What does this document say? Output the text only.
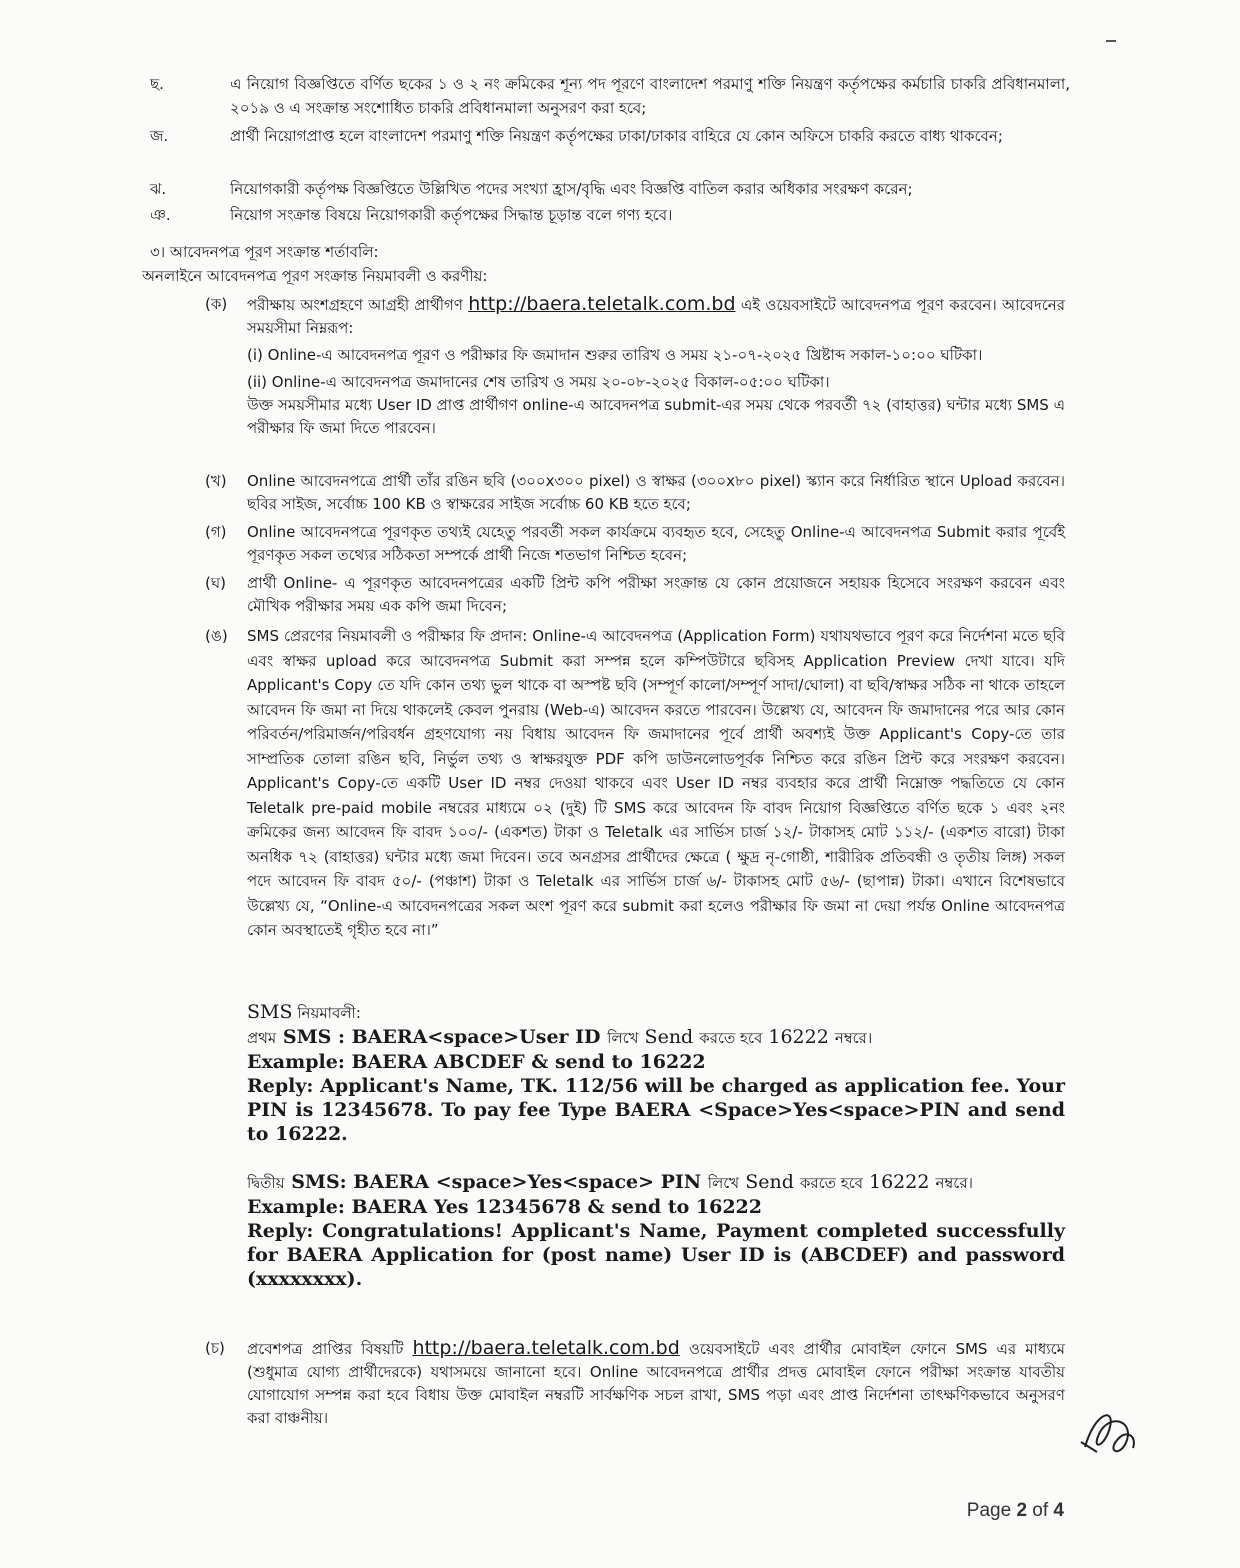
ছ.	এ নিয়োগ বিজ্ঞপ্তিতে বর্ণিত ছকের ১ ও ২ নং ক্রমিকের শূন্য পদ পূরণে বাংলাদেশ পরমাণু শক্তি নিয়ন্ত্রণ কর্তৃপক্ষের কর্মচারি চাকরি প্রবিধানমালা, ২০১৯ ও এ সংক্রান্ত সংশোধিত চাকরি প্রবিধানমালা অনুসরণ করা হবে;
জ.	প্রার্থী নিয়োগপ্রাপ্ত হলে বাংলাদেশ পরমাণু শক্তি নিয়ন্ত্রণ কর্তৃপক্ষের ঢাকা/ঢাকার বাহিরে যে কোন অফিসে চাকরি করতে বাধ্য থাকবেন;
ঝ.	নিয়োগকারী কর্তৃপক্ষ বিজ্ঞপ্তিতে উল্লিখিত পদের সংখ্যা হ্রাস/বৃদ্ধি এবং বিজ্ঞপ্তি বাতিল করার অধিকার সংরক্ষণ করেন;
ঞ.	নিয়োগ সংক্রান্ত বিষয়ে নিয়োগকারী কর্তৃপক্ষের সিদ্ধান্ত চূড়ান্ত বলে গণ্য হবে।
৩। আবেদনপত্র পূরণ সংক্রান্ত শর্তাবলি:
অনলাইনে আবেদনপত্র পূরণ সংক্রান্ত নিয়মাবলী ও করণীয়:
(ক)	পরীক্ষায় অংশগ্রহণে আগ্রহী প্রার্থীগণ http://baera.teletalk.com.bd এই ওয়েবসাইটে আবেদনপত্র পূরণ করবেন। আবেদনের সময়সীমা নিম্নরূপ:

(i) Online-এ আবেদনপত্র পূরণ ও পরীক্ষার ফি জমাদান শুরুর তারিখ ও সময় ২১-০৭-২০২৫ খ্রিষ্টাব্দ সকাল-১০:০০ ঘটিকা।

(ii) Online-এ আবেদনপত্র জমাদানের শেষ তারিখ ও সময় ২০-০৮-২০২৫ বিকাল-০৫:০০ ঘটিকা।

উক্ত সময়সীমার মধ্যে User ID প্রাপ্ত প্রার্থীগণ online-এ আবেদনপত্র submit-এর সময় থেকে পরবর্তী ৭২ (বাহাত্তর) ঘন্টার মধ্যে SMS এ পরীক্ষার ফি জমা দিতে পারবেন।

(খ)	Online আবেদনপত্রে প্রার্থী তাঁর রঙিন ছবি (৩০০x৩০০ pixel) ও স্বাক্ষর (৩০০x৮০ pixel) স্ক্যান করে নির্ধারিত স্থানে Upload করবেন। ছবির সাইজ, সর্বোচ্চ 100 KB ও স্বাক্ষরের সাইজ সর্বোচ্চ 60 KB হতে হবে;
(গ)	Online আবেদনপত্রে পূরণকৃত তথ্যই যেহেতু পরবর্তী সকল কার্যক্রমে ব্যবহৃত হবে, সেহেতু Online-এ আবেদনপত্র Submit করার পূর্বেই পূরণকৃত সকল তথ্যের সঠিকতা সম্পর্কে প্রার্থী নিজে শতভাগ নিশ্চিত হবেন;
(ঘ)	প্রার্থী Online- এ পূরণকৃত আবেদনপত্রের একটি প্রিন্ট কপি পরীক্ষা সংক্রান্ত যে কোন প্রয়োজনে সহায়ক হিসেবে সংরক্ষণ করবেন এবং মৌখিক পরীক্ষার সময় এক কপি জমা দিবেন;
(ঙ)	SMS প্রেরণের নিয়মাবলী ও পরীক্ষার ফি প্রদান: Online-এ আবেদনপত্র (Application Form) যথাযথভাবে পূরণ করে নির্দেশনা মতে ছবি এবং স্বাক্ষর upload করে আবেদনপত্র Submit করা সম্পন্ন হলে কম্পিউটারে ছবিসহ Application Preview দেখা যাবে। যদি Applicant's Copy তে যদি কোন তথ্য ভুল থাকে বা অস্পষ্ট ছবি (সম্পূর্ণ কালো/সম্পূর্ণ সাদা/ঘোলা) বা ছবি/স্বাক্ষর সঠিক না থাকে তাহলে আবেদন ফি জমা না দিয়ে থাকলেই কেবল পুনরায় (Web-এ) আবেদন করতে পারবেন। উল্লেখ্য যে, আবেদন ফি জমাদানের পরে আর কোন পরিবর্তন/পরিমার্জন/পরিবর্ধন গ্রহণযোগ্য নয় বিধায় আবেদন ফি জমাদানের পূর্বে প্রার্থী অবশ্যই উক্ত Applicant's Copy-তে তার সাম্প্রতিক তোলা রঙিন ছবি, নির্ভুল তথ্য ও স্বাক্ষরযুক্ত PDF কপি ডাউনলোডপূর্বক নিশ্চিত করে রঙিন প্রিন্ট করে সংরক্ষণ করবেন। Applicant's Copy-তে একটি User ID নম্বর দেওয়া থাকবে এবং User ID নম্বর ব্যবহার করে প্রার্থী নিম্নোক্ত পদ্ধতিতে যে কোন Teletalk pre-paid mobile নম্বরের মাধ্যমে ০২ (দুই) টি SMS করে আবেদন ফি বাবদ নিয়োগ বিজ্ঞপ্তিতে বর্ণিত ছকে ১ এবং ২নং ক্রমিকের জন্য আবেদন ফি বাবদ ১০০/- (একশত) টাকা ও Teletalk এর সার্ভিস চার্জ ১২/- টাকাসহ মোট ১১২/- (একশত বারো) টাকা অনধিক ৭২ (বাহাত্তর) ঘন্টার মধ্যে জমা দিবেন। তবে অনগ্রসর প্রার্থীদের ক্ষেত্রে ( ক্ষুদ্র নৃ-গোষ্ঠী, শারীরিক প্রতিবন্ধী ও তৃতীয় লিঙ্গ) সকল পদে আবেদন ফি বাবদ ৫০/- (পঞ্চাশ) টাকা ও Teletalk এর সার্ভিস চার্জ ৬/- টাকাসহ মোট ৫৬/- (ছাপান্ন) টাকা। এখানে বিশেষভাবে উল্লেখ্য যে, “Online-এ আবেদনপত্রের সকল অংশ পূরণ করে submit করা হলেও পরীক্ষার ফি জমা না দেয়া পর্যন্ত Online আবেদনপত্র কোন অবস্থাতেই গৃহীত হবে না।”

SMS নিয়মাবলী:

প্রথম SMS : BAERA<space>User ID লিখে Send করতে হবে 16222 নম্বরে।

Example: BAERA ABCDEF & send to 16222

Reply: Applicant's Name, TK. 112/56 will be charged as application fee. Your PIN is 12345678. To pay fee Type BAERA <Space>Yes<space>PIN and send to 16222.

দ্বিতীয় SMS: BAERA <space>Yes<space> PIN লিখে Send করতে হবে 16222 নম্বরে।

Example: BAERA Yes 12345678 & send to 16222

Reply: Congratulations! Applicant's Name, Payment completed successfully for BAERA Application for (post name) User ID is (ABCDEF) and password (xxxxxxxx).

(চ)	প্রবেশপত্র প্রাপ্তির বিষয়টি http://baera.teletalk.com.bd ওয়েবসাইটে এবং প্রার্থীর মোবাইল ফোনে SMS এর মাধ্যমে (শুধুমাত্র যোগ্য প্রার্থীদেরকে) যথাসময়ে জানানো হবে। Online আবেদনপত্রে প্রার্থীর প্রদত্ত মোবাইল ফোনে পরীক্ষা সংক্রান্ত যাবতীয় যোগাযোগ সম্পন্ন করা হবে বিধায় উক্ত মোবাইল নম্বরটি সার্বক্ষণিক সচল রাখা, SMS পড়া এবং প্রাপ্ত নির্দেশনা তাৎক্ষণিকভাবে অনুসরণ করা বাঞ্চনীয়।
Page 2 of 4
